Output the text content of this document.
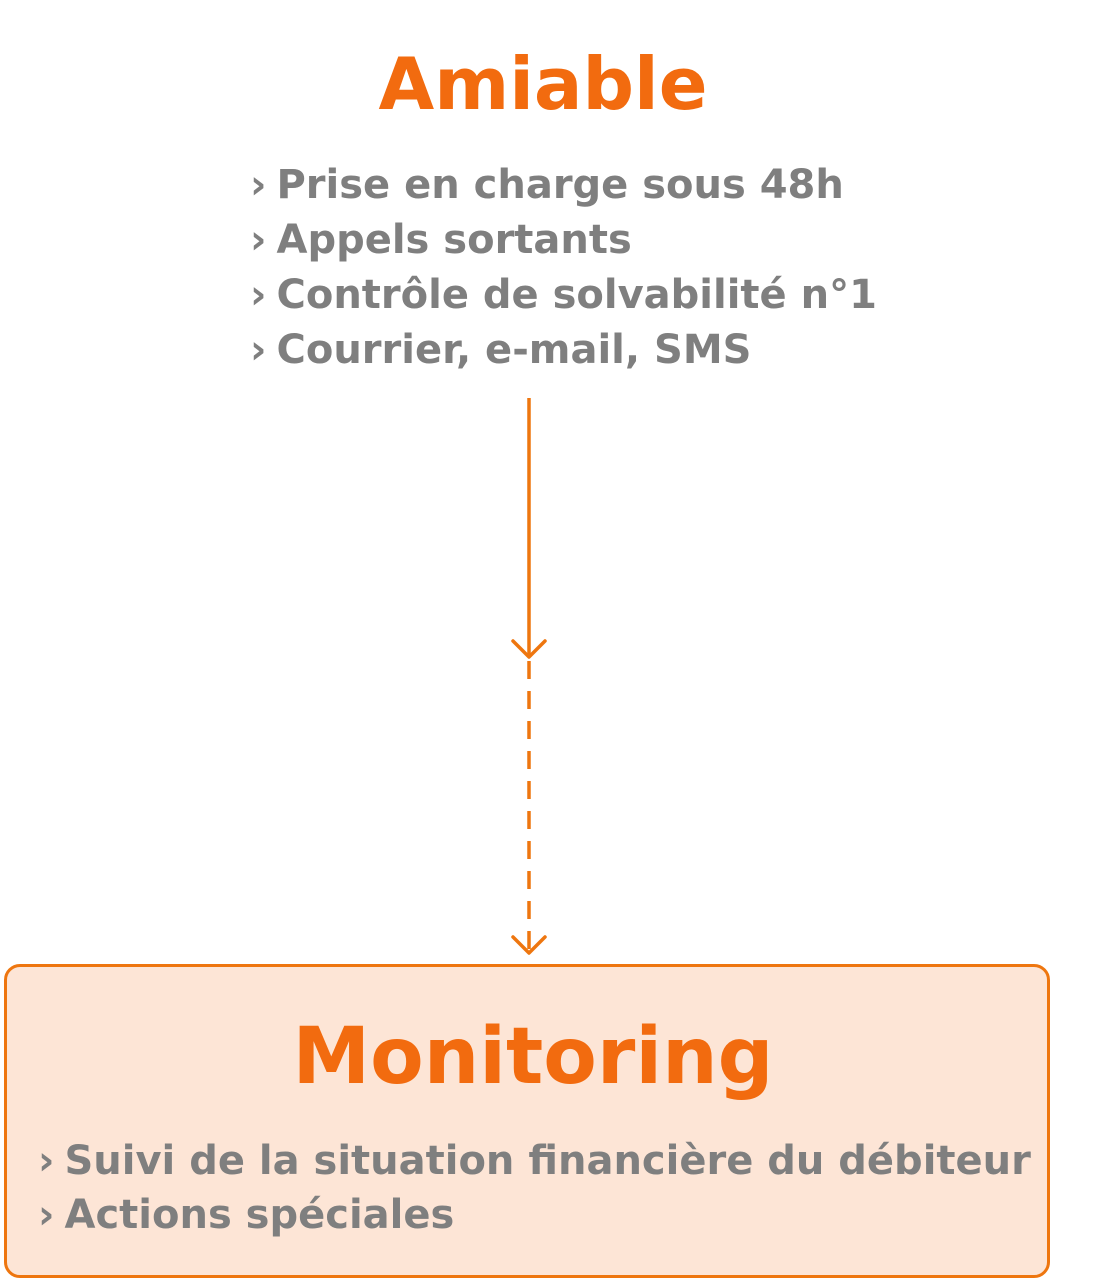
Amiable
› Prise en charge sous 48h
› Appels sortants
› Contrôle de solvabilité n°1
› Courrier, e-mail, SMS
Monitoring
› Suivi de la situation financière du débiteur
› Actions spéciales
